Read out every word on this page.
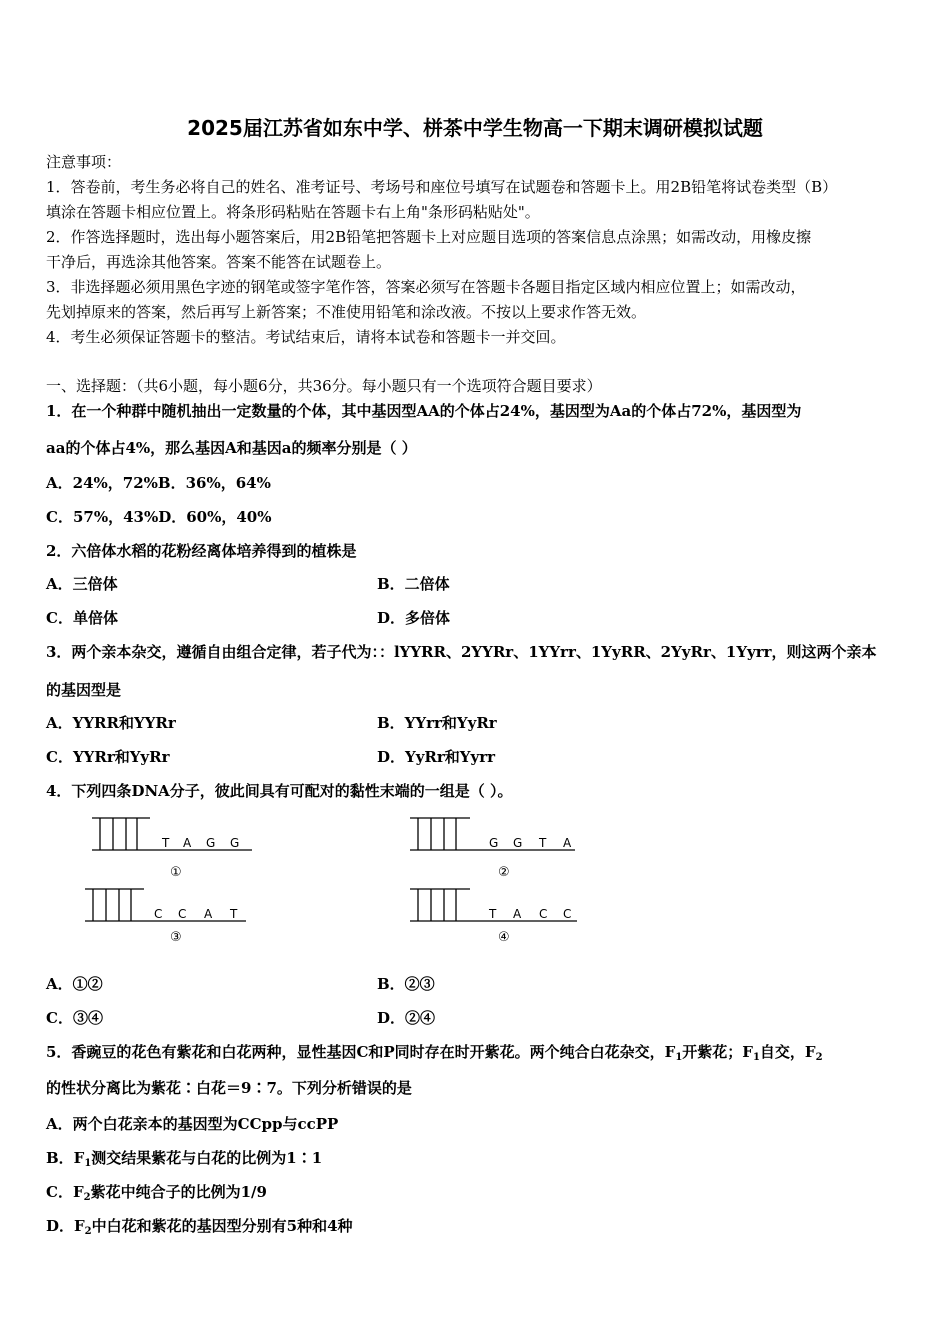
2025届江苏省如东中学、栟茶中学生物高一下期末调研模拟试题
注意事项：
1．答卷前，考生务必将自己的姓名、准考证号、考场号和座位号填写在试题卷和答题卡上。用2B铅笔将试卷类型（B）
填涂在答题卡相应位置上。将条形码粘贴在答题卡右上角"条形码粘贴处"。
2．作答选择题时，选出每小题答案后，用2B铅笔把答题卡上对应题目选项的答案信息点涂黑；如需改动，用橡皮擦
干净后，再选涂其他答案。答案不能答在试题卷上。
3．非选择题必须用黑色字迹的钢笔或签字笔作答，答案必须写在答题卡各题目指定区域内相应位置上；如需改动，
先划掉原来的答案，然后再写上新答案；不准使用铅笔和涂改液。不按以上要求作答无效。
4．考生必须保证答题卡的整洁。考试结束后，请将本试卷和答题卡一并交回。
一、选择题：（共6小题，每小题6分，共36分。每小题只有一个选项符合题目要求）
1．在一个种群中随机抽出一定数量的个体，其中基因型AA的个体占24%，基因型为Aa的个体占72%，基因型为
aa的个体占4%，那么基因A和基因a的频率分别是（ ）
A．24%，72%B．36%，64%
C．57%，43%D．60%，40%
2．六倍体水稻的花粉经离体培养得到的植株是
A．三倍体	B．二倍体
C．单倍体	D．多倍体
3．两个亲本杂交，遵循自由组合定律，若子代为：：lYYRR、2YYRr、1YYrr、1YyRR、2YyRr、1Yyrr，则这两个亲本
的基因型是
A．YYRR和YYRr	B．YYrr和YyRr
C．YYRr和YyRr	D．YyRr和Yyrr
4．下列四条DNA分子，彼此间具有可配对的黏性末端的一组是（ ）。
T A G G
①
G G T A
②
C C A T
③
T A C C
④
A．①②	B．②③
C．③④	D．②④
5．香豌豆的花色有紫花和白花两种，显性基因C和P同时存在时开紫花。两个纯合白花杂交，$F_1$开紫花；$F_1$自交，$F_2$
的性状分离比为紫花∶白花＝9∶7。下列分析错误的是
A．两个白花亲本的基因型为CCpp与ccPP
B．$F_1$测交结果紫花与白花的比例为1∶1
C．$F_2$紫花中纯合子的比例为1/9
D．$F_2$中白花和紫花的基因型分别有5种和4种
